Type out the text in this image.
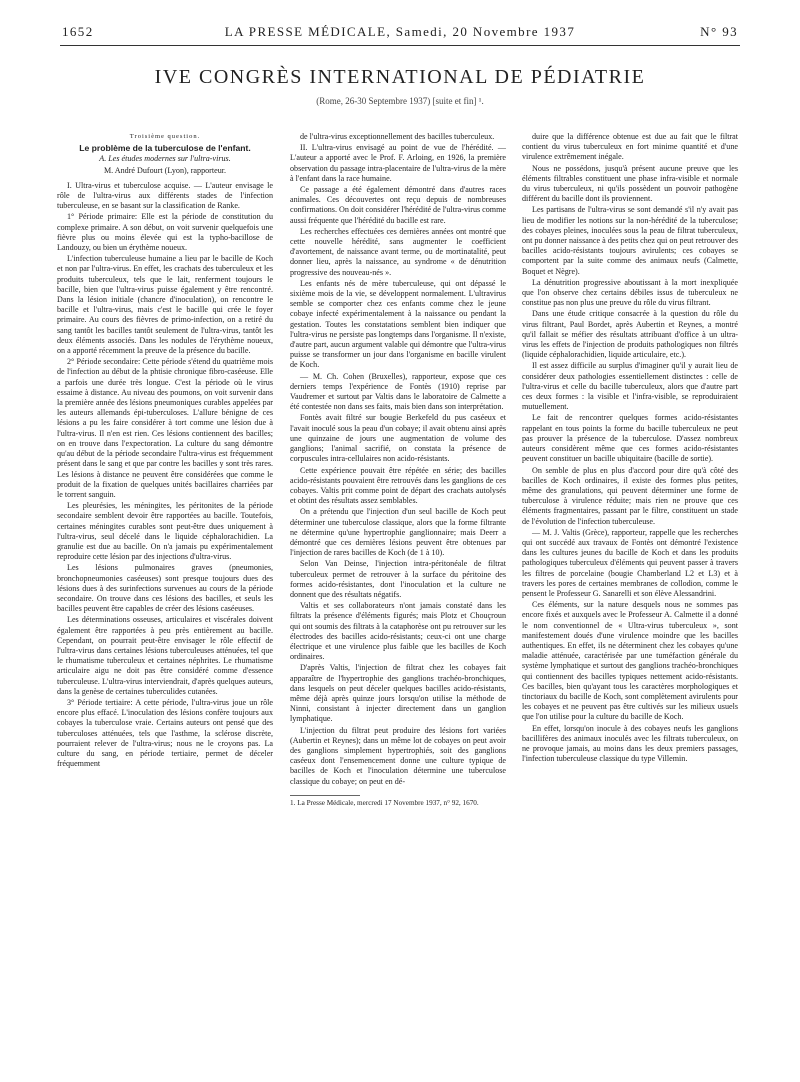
1652	LA PRESSE MÉDICALE, Samedi, 20 Novembre 1937	N° 93
IVE CONGRÈS INTERNATIONAL DE PÉDIATRIE
(Rome, 26-30 Septembre 1937) [suite et fin] ¹.

Troisième question.

Le problème de la tuberculose de l'enfant.

A. Les études modernes sur l'ultra-virus.

M. André Dufourt (Lyon), rapporteur.

I. Ultra-virus et tuberculose acquise. — L'auteur envisage le rôle de l'ultra-virus aux différents stades de l'infection tuberculeuse, en se basant sur la classification de Ranke.

1° Période primaire: Elle est la période de constitution du complexe primaire. A son début, on voit survenir quelquefois une fièvre plus ou moins élevée qui est la typho-bacillose de Landouzy, ou bien un érythème noueux.

L'infection tuberculeuse humaine a lieu par le bacille de Koch et non par l'ultra-virus. En effet, les crachats des tuberculeux et les produits tuberculeux, tels que le lait, renferment toujours le bacille, bien que l'ultra-virus puisse également y être rencontré. Dans la lésion initiale (chancre d'inoculation), on rencontre le bacille et l'ultra-virus, mais c'est le bacille qui crée le foyer primaire. Au cours des fièvres de primo-infection, on a retiré du sang tantôt les bacilles tantôt seulement de l'ultra-virus, tantôt les deux éléments associés. Dans les nodules de l'érythème noueux, on a apporté récemment la preuve de la présence du bacille.

2° Période secondaire: Cette période s'étend du quatrième mois de l'infection au début de la phtisie chronique fibro-caséeuse. Elle a parfois une durée très longue. C'est la période où le virus essaime à distance. Au niveau des poumons, on voit survenir dans la première année des lésions pneumoniques curables appelées par les auteurs allemands épi-tuberculoses. L'allure bénigne de ces lésions a pu les faire considérer à tort comme une lésion due à l'ultra-virus. Il n'en est rien. Ces lésions contiennent des bacilles; on en trouve dans l'expectoration. La culture du sang démontre qu'au début de la période secondaire l'ultra-virus est fréquemment présent dans le sang et que par contre les bacilles y sont très rares. Les lésions à distance ne peuvent être considérées que comme le produit de la fixation de quelques unités bacillaires charriées par le torrent sanguin.

Les pleurésies, les méningites, les péritonites de la période secondaire semblent devoir être rapportées au bacille. Toutefois, certaines méningites curables sont peut-être dues uniquement à l'ultra-virus, seul décelé dans le liquide céphalorachidien. La granulie est due au bacille. On n'a jamais pu expérimentalement reproduire cette lésion par des injections d'ultra-virus.

Les lésions pulmonaires graves (pneumonies, bronchopneumonies caséeuses) sont presque toujours dues des lésions dues à des surinfections survenues au cours de la période secondaire. On trouve dans ces lésions des bacilles, et seuls les bacilles peuvent être capables de créer des lésions caséeuses.

Les déterminations osseuses, articulaires et viscérales doivent également être rapportées à peu près entièrement au bacille. Cependant, on pourrait peut-être envisager le rôle effectif de l'ultra-virus dans certaines lésions tuberculeuses atténuées, tel que le rhumatisme tuberculeux et certaines néphrites. Le rhumatisme articulaire aigu ne doit pas être considéré comme d'essence tuberculeuse. L'ultra-virus interviendrait, d'après quelques auteurs, dans la genèse de certaines tuberculides cutanées.

3° Période tertiaire: A cette période, l'ultra-virus joue un rôle encore plus effacé. L'inoculation des lésions confère toujours aux cobayes la tuberculose vraie. Certains auteurs ont pensé que des tuberculoses atténuées, tels que l'asthme, la sclérose discrète, pourraient relever de l'ultra-virus; nous ne le croyons pas. La culture du sang, en période tertiaire, permet de déceler fréquemment

de l'ultra-virus exceptionnellement des bacilles tuberculeux.

II. L'ultra-virus envisagé au point de vue de l'hérédité. — L'auteur a apporté avec le Prof. F. Arloing, en 1926, la première observation du passage intra-placentaire de l'ultra-virus de la mère à l'enfant dans la race humaine.

Ce passage a été également démontré dans d'autres races animales. Ces découvertes ont reçu depuis de nombreuses confirmations. On doit considérer l'hérédité de l'ultra-virus comme aussi fréquente que l'hérédité du bacille est rare.

Les recherches effectuées ces dernières années ont montré que cette nouvelle hérédité, sans augmenter le coefficient d'avortement, de naissance avant terme, ou de mortinatalité, peut donner lieu, après la naissance, au syndrome « de dénutrition progressive des nouveau-nés ».

Les enfants nés de mère tuberculeuse, qui ont dépassé le sixième mois de la vie, se développent normalement. L'ultravirus semble se comporter chez ces enfants comme chez le jeune cobaye infecté expérimentalement à la naissance ou pendant la gestation. Toutes les constatations semblent bien indiquer que l'ultra-virus ne persiste pas longtemps dans l'organisme. Il n'existe, d'autre part, aucun argument valable qui démontre que l'ultra-virus puisse se transformer un jour dans l'organisme en bacille virulent de Koch.

— M. Ch. Cohen (Bruxelles), rapporteur, expose que ces derniers temps l'expérience de Fontès (1910) reprise par Vaudremer et surtout par Valtis dans le laboratoire de Calmette a été contestée non dans ses faits, mais bien dans son interprétation.

Fontès avait filtré sur bougie Berkefeld du pus caséeux et l'avait inoculé sous la peau d'un cobaye; il avait obtenu ainsi après une quinzaine de jours une augmentation de volume des ganglions; l'animal sacrifié, on constata la présence de corpuscules intra-cellulaires non acido-résistants.

Cette expérience pouvait être répétée en série; des bacilles acido-résistants pouvaient être retrouvés dans les ganglions de ces cobayes. Valtis prit comme point de départ des crachats autolysés et obtint des résultats assez semblables.

On a prétendu que l'injection d'un seul bacille de Koch peut déterminer une tuberculose classique, alors que la forme filtrante ne détermine qu'une hypertrophie ganglionnaire; mais Deerr a démontré que ces dernières lésions peuvent être obtenues par l'injection de rares bacilles de Koch (de 1 à 10).

Selon Van Deinse, l'injection intra-péritonéale de filtrat tuberculeux permet de retrouver à la surface du péritoine des formes acido-résistantes, dont l'inoculation et la culture ne donnent que des résultats négatifs.

Valtis et ses collaborateurs n'ont jamais constaté dans les filtrats la présence d'éléments figurés; mais Plotz et Chouçroun qui ont soumis des filtrats à la cataphorèse ont pu retrouver sur les électrodes des bacilles acido-résistants; ceux-ci ont une charge électrique et une virulence plus faible que les bacilles de Koch ordinaires.

D'après Valtis, l'injection de filtrat chez les cobayes fait apparaître de l'hypertrophie des ganglions trachéo-bronchiques, dans lesquels on peut déceler quelques bacilles acido-résistants, même déjà après quinze jours lorsqu'on utilise la méthode de Ninni, consistant à injecter directement dans un ganglion lymphatique.

L'injection du filtrat peut produire des lésions fort variées (Aubertin et Reynes); dans un même lot de cobayes on peut avoir des ganglions simplement hypertrophiés, soit des ganglions caséeux dont l'ensemencement donne une culture typique de bacilles de Koch et l'inoculation détermine une tuberculose classique du cobaye; on peut en dé-

1. La Presse Médicale, mercredi 17 Novembre 1937, n° 92, 1670.

duire que la différence obtenue est due au fait que le filtrat contient du virus tuberculeux en fort minime quantité et d'une virulence extrêmement inégale.

Nous ne possédons, jusqu'à présent aucune preuve que les éléments filtrables constituent une phase infra-visible et normale du virus tuberculeux, ni qu'ils possèdent un pouvoir pathogène différent du bacille dont ils proviennent.

Les partisans de l'ultra-virus se sont demandé s'il n'y avait pas lieu de modifier les notions sur la non-hérédité de la tuberculose; des cobayes pleines, inoculées sous la peau de filtrat tuberculeux, ont pu donner naissance à des petits chez qui on peut retrouver des bacilles acido-résistants toujours avirulents; ces cobayes se comportent par la suite comme des animaux neufs (Calmette, Boquet et Nègre).

La dénutrition progressive aboutissant à la mort inexpliquée que l'on observe chez certains débiles issus de tuberculeux ne constitue pas non plus une preuve du rôle du virus filtrant.

Dans une étude critique consacrée à la question du rôle du virus filtrant, Paul Bordet, après Aubertin et Reynes, a montré qu'il fallait se méfier des résultats attribuant d'office à un ultra-virus les effets de l'injection de produits pathologiques non filtrés (liquide céphalorachidien, liquide articulaire, etc.).

Il est assez difficile au surplus d'imaginer qu'il y aurait lieu de considérer deux pathologies essentiellement distinctes : celle de l'ultra-virus et celle du bacille tuberculeux, alors que d'autre part ces deux formes : la visible et l'infra-visible, se reproduiraient mutuellement.

Le fait de rencontrer quelques formes acido-résistantes rappelant en tous points la forme du bacille tuberculeux ne peut pas prouver la présence de la tuberculose. D'assez nombreux auteurs considèrent même que ces formes acido-résistantes peuvent constituer un bacille ubiquitaire (bacille de sortie).

On semble de plus en plus d'accord pour dire qu'à côté des bacilles de Koch ordinaires, il existe des formes plus petites, même des granulations, qui peuvent déterminer une forme de tuberculose à virulence réduite; mais rien ne prouve que ces éléments fragmentaires, passant par le filtre, constituent un stade de l'évolution de l'infection tuberculeuse.

— M. J. Valtis (Grèce), rapporteur, rappelle que les recherches qui ont succédé aux travaux de Fontès ont démontré l'existence dans les cultures jeunes du bacille de Koch et dans les produits pathologiques tuberculeux d'éléments qui peuvent passer à travers les filtres de porcelaine (bougie Chamberland L2 et L3) et à travers les pores de certaines membranes de collodion, comme le pensent le Professeur G. Sanarelli et son élève Alessandrini.

Ces éléments, sur la nature desquels nous ne sommes pas encore fixés et auxquels avec le Professeur A. Calmette il a donné le nom conventionnel de « Ultra-virus tuberculeux », sont manifestement doués d'une virulence moindre que les bacilles authentiques. En effet, ils ne déterminent chez les cobayes qu'une maladie atténuée, caractérisée par une tuméfaction générale du système lymphatique et surtout des ganglions trachéo-bronchiques qui contiennent des bacilles typiques nettement acido-résistants. Ces bacilles, bien qu'ayant tous les caractères morphologiques et tinctoriaux du bacille de Koch, sont complètement avirulents pour les cobayes et ne peuvent pas être cultivés sur les milieux usuels que l'on utilise pour la culture du bacille de Koch.

En effet, lorsqu'on inocule à des cobayes neufs les ganglions bacillifères des animaux inoculés avec les filtrats tuberculeux, on ne provoque jamais, au moins dans les deux premiers passages, l'infection tuberculeuse classique du type Villemin.
